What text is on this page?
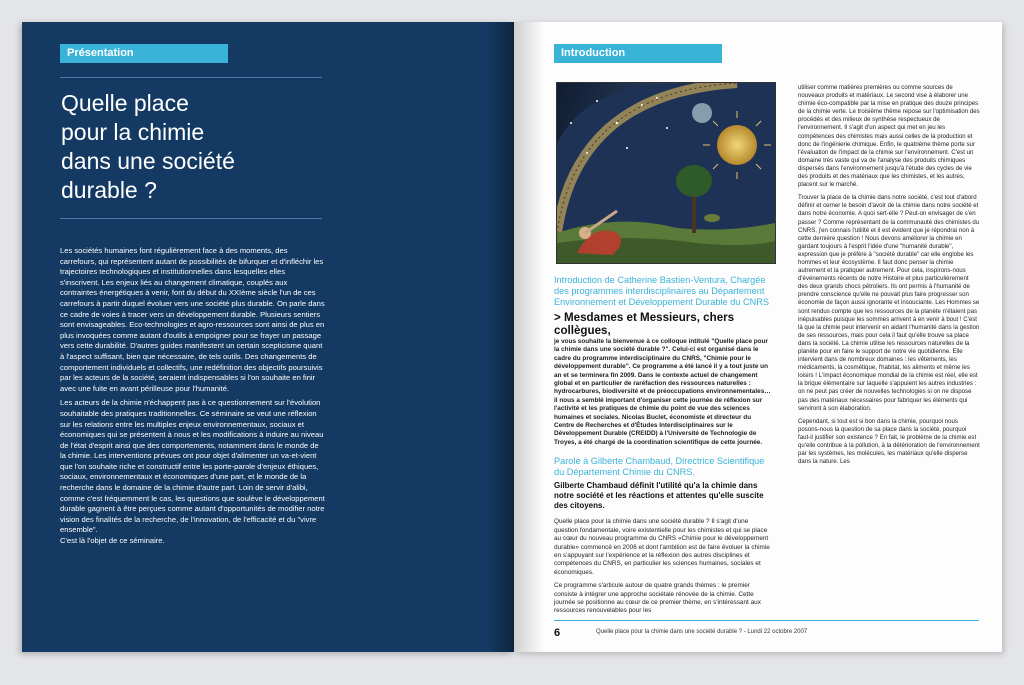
Présentation
Quelle place
pour la chimie
dans une société
durable ?

Les sociétés humaines font régulièrement face à des moments, des carrefours, qui représentent autant de possibilités de bifurquer et d'infléchir les trajectoires technologiques et institutionnelles dans lesquelles elles s'inscrivent. Les enjeux liés au changement climatique, couplés aux contraintes énergétiques à venir, font du début du XXIème siècle l'un de ces carrefours à partir duquel évoluer vers une société plus durable. On parle dans ce cadre de voies à tracer vers un développement durable. Plusieurs sentiers sont envisageables. Eco-technologies et agro-ressources sont ainsi de plus en plus invoquées comme autant d'outils à empoigner pour se frayer un passage vers cette durabilité. D'autres guides manifestent un certain scepticisme quant à l'aspect suffisant, bien que nécessaire, de tels outils. Des changements de comportement individuels et collectifs, une redéfinition des objectifs poursuivis par les acteurs de la société, seraient indispensables si l'on souhaite en finir avec une fuite en avant périlleuse pour l'humanité.

Les acteurs de la chimie n'échappent pas à ce questionnement sur l'évolution souhaitable des pratiques traditionnelles. Ce séminaire se veut une réflexion sur les relations entre les multiples enjeux environnementaux, sociaux et économiques qui se présentent à nous et les modifications à induire au niveau de l'état d'esprit ainsi que des comportements, notamment dans le monde de la chimie. Les interventions prévues ont pour objet d'alimenter un va-et-vient que l'on souhaite riche et constructif entre les porte-parole d'enjeux éthiques, sociaux, environnementaux et économiques d'une part, et le monde de la recherche dans le domaine de la chimie d'autre part. Loin de servir d'alibi, comme c'est fréquemment le cas, les questions que soulève le développement durable gagnent à être perçues comme autant d'opportunités de modifier notre vision des finalités de la recherche, de l'innovation, de l'efficacité et du "vivre ensemble".

C'est là l'objet de ce séminaire.

Introduction
Introduction de Catherine Bastien-Ventura, Chargée des programmes interdisciplinaires au Département Environnement et Développement Durable du CNRS
> Mesdames et Messieurs, chers collègues,
je vous souhaite la bienvenue à ce colloque intitulé "Quelle place pour la chimie dans une société durable ?". Celui-ci est organisé dans le cadre du programme interdisciplinaire du CNRS, "Chimie pour le développement durable". Ce programme a été lancé il y a tout juste un an et se terminera fin 2009. Dans le contexte actuel de changement global et en particulier de raréfaction des ressources naturelles : hydrocarbures, biodiversité et de préoccupations environnementales… il nous a semblé important d'organiser cette journée de réflexion sur l'activité et les pratiques de chimie du point de vue des sciences humaines et sociales. Nicolas Buclet, économiste et directeur du Centre de Recherches et d'Études Interdisciplinaires sur le Développement Durable (CREIDD) à l'Université de Technologie de Troyes, a été chargé de la coordination scientifique de cette journée.
Parole à Gilberte Chambaud, Directrice Scientifique du Département Chimie du CNRS.
Gilberte Chambaud définit l'utilité qu'a la chimie dans notre société et les réactions et attentes qu'elle suscite des citoyens.
Quelle place pour la chimie dans une société durable ? Il s'agit d'une question fondamentale, voire existentielle pour les chimistes et qui se place au cœur du nouveau programme du CNRS «Chimie pour le développement durable» commencé en 2006 et dont l'ambition est de faire évoluer la chimie en s'appuyant sur l'expérience et la réflexion des autres disciplines et compétences du CNRS, en particulier les sciences humaines, sociales et économiques.
Ce programme s'articule autour de quatre grands thèmes : le premier consiste à intégrer une approche sociétale rénovée de la chimie. Cette journée se positionne au cœur de ce premier thème, en s'intéressant aux ressources renouvelables pour les

utiliser comme matières premières ou comme sources de nouveaux produits et matériaux. Le second vise à élaborer une chimie éco-compatible par la mise en pratique des douze principes de la chimie verte. Le troisième thème repose sur l'optimisation des procédés et des milieux de synthèse respectueux de l'environnement. Il s'agit d'un aspect qui met en jeu les compétences des chimistes mais aussi celles de la production et donc de l'ingénierie chimique. Enfin, le quatrième thème porte sur l'évaluation de l'impact de la chimie sur l'environnement. C'est un domaine très vaste qui va de l'analyse des produits chimiques dispersés dans l'environnement jusqu'à l'étude des cycles de vie des produits et des matériaux que les chimistes, et les autres, placent sur le marché.

Trouver la place de la chimie dans notre société, c'est tout d'abord définir et cerner le besoin d'avoir de la chimie dans notre société et dans notre économie. A quoi sert-elle ? Peut-on envisager de s'en passer ? Comme représentant de la communauté des chimistes du CNRS, j'en connais l'utilité et il est évident que je répondrai non à cette dernière question ! Nous devons améliorer la chimie en gardant toujours à l'esprit l'idée d'une "humanité durable", expression que je préfère à "société durable" car elle englobe les hommes et leur écosystème. Il faut donc penser la chimie autrement et la pratiquer autrement. Pour cela, inspirons-nous d'événements récents de notre Histoire et plus particulièrement des deux grands chocs pétroliers. Ils ont permis à l'humanité de prendre conscience qu'elle ne pouvait plus faire progresser son économie de façon aussi ignorante et insouciante. Les Hommes se sont rendus compte que les ressources de la planète n'étaient pas inépuisables puisque les sommes arrivent à en venir à bout ! C'est là que la chimie peut intervenir en aidant l'humanité dans la gestion de ses ressources, mais pour cela il faut qu'elle trouve sa place dans la société. La chimie utilise les ressources naturelles de la planète pour en faire le support de notre vie quotidienne. Elle intervient dans de nombreux domaines : les vêtements, les médicaments, la cosmétique, l'habitat, les aliments et même les loisirs ! L'impact économique mondial de la chimie est réel, elle est la brique élémentaire sur laquelle s'appuient les autres industries : on ne peut pas créer de nouvelles technologies si on ne dispose pas des matériaux nécessaires pour fabriquer les éléments qui serviront à son élaboration.

Cependant, si tout est si bon dans la chimie, pourquoi nous posons-nous la question de sa place dans la société, pourquoi faut-il justifier son existence ? En fait, le problème de la chimie est qu'elle contribue à la pollution, à la détérioration de l'environnement par les systèmes, les molécules, les matériaux qu'elle disperse dans la nature. Les

6	Quelle place pour la chimie dans une société durable ? - Lundi 22 octobre 2007
